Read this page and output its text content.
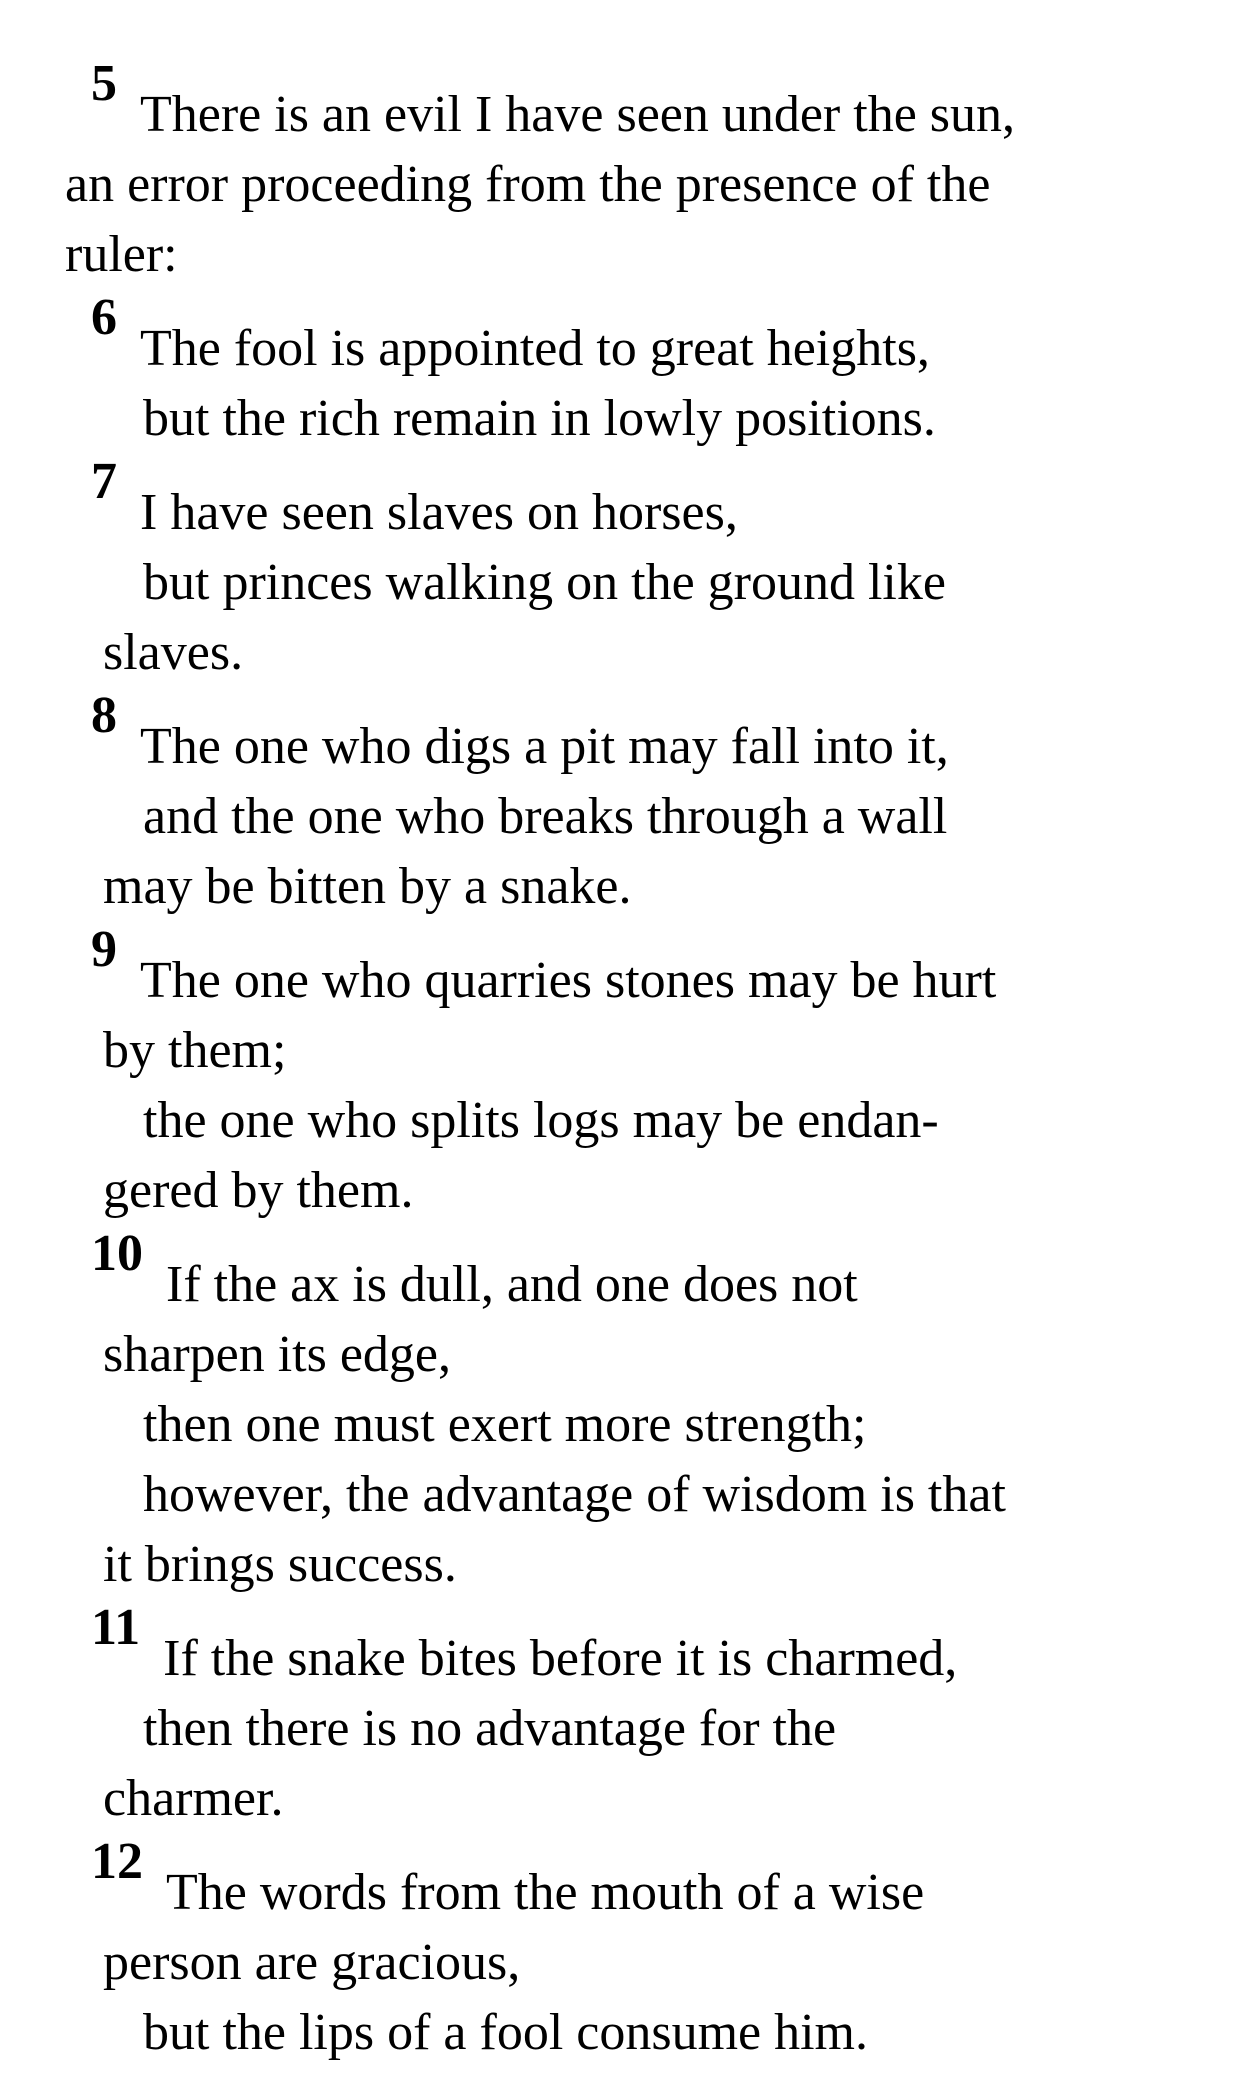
5There is an evil I have seen under the sun,
an error proceeding from the presence of the
ruler:
6The fool is appointed to great heights,
but the rich remain in lowly positions.
7I have seen slaves on horses,
but princes walking on the ground like
slaves.
8The one who digs a pit may fall into it,
and the one who breaks through a wall
may be bitten by a snake.
9The one who quarries stones may be hurt
by them;
the one who splits logs may be endan-
gered by them.
10If the ax is dull, and one does not
sharpen its edge,
then one must exert more strength;
however, the advantage of wisdom is that
it brings success.
11If the snake bites before it is charmed,
then there is no advantage for the
charmer.
12The words from the mouth of a wise
person are gracious,
but the lips of a fool consume him.
